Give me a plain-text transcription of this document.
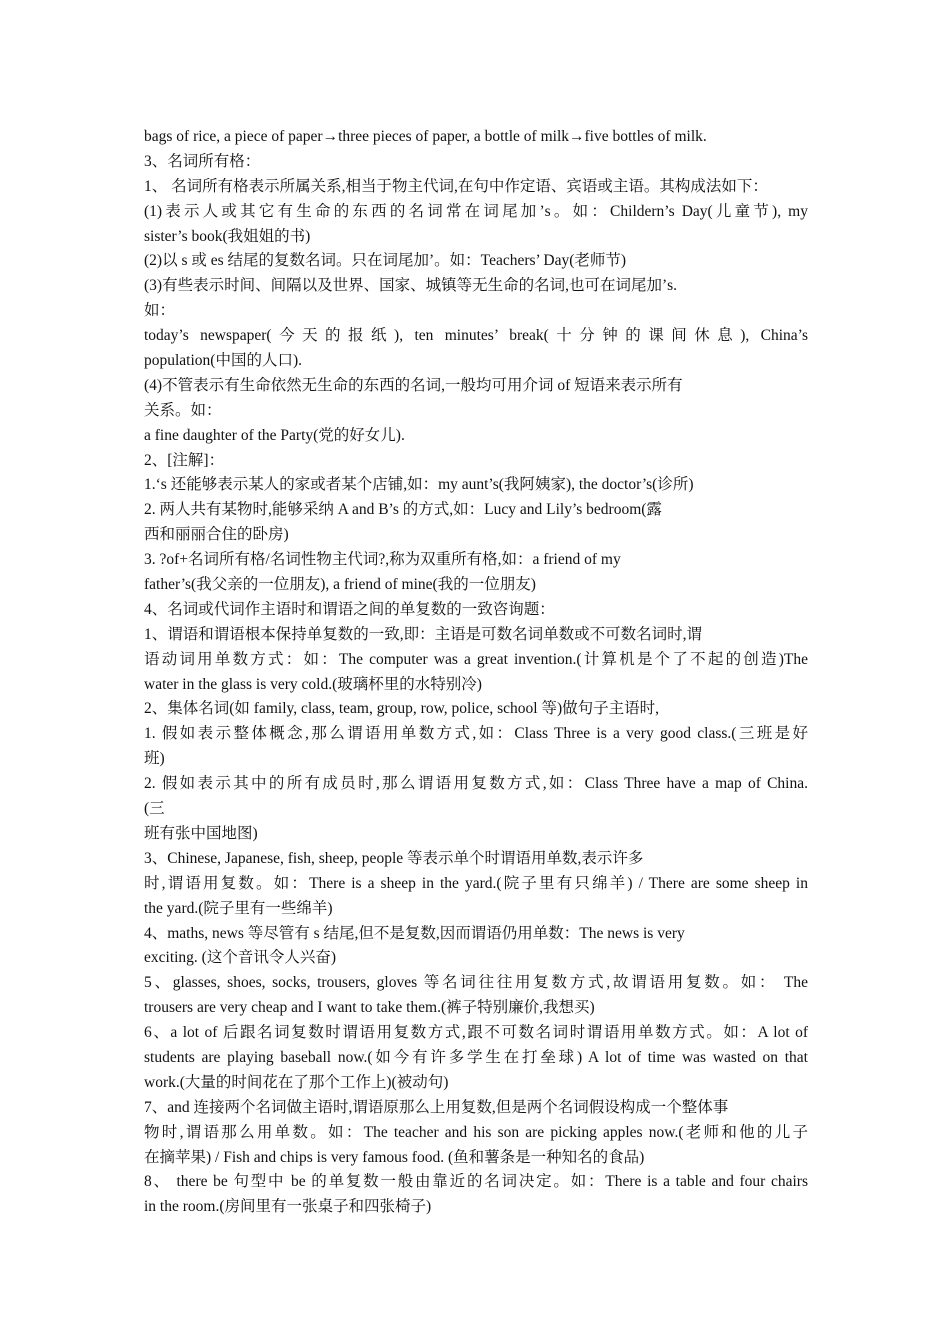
bags of rice, a piece of paper→three pieces of paper, a bottle of milk→five bottles of milk.
3、名词所有格：
1、 名词所有格表示所属关系,相当于物主代词,在句中作定语、宾语或主语。其构成法如下：
(1)表示人或其它有生命的东西的名词常在词尾加’s。如：Childern’s Day(儿童节), my
sister’s book(我姐姐的书)
(2)以 s 或 es 结尾的复数名词。只在词尾加’。如：Teachers’ Day(老师节)
(3)有些表示时间、间隔以及世界、国家、城镇等无生命的名词,也可在词尾加’s.
如：
today’s newspaper(今天的报纸), ten minutes’ break(十分钟的课间休息), China’s
population(中国的人口).
(4)不管表示有生命依然无生命的东西的名词,一般均可用介词 of 短语来表示所有
关系。如：
a fine daughter of the Party(党的好女儿).
2、[注解]：
1.‘s 还能够表示某人的家或者某个店铺,如：my aunt’s(我阿姨家), the doctor’s(诊所)
2. 两人共有某物时,能够采纳 A and B’s 的方式,如：Lucy and Lily’s bedroom(露
西和丽丽合住的卧房)
3. ?of+名词所有格/名词性物主代词?,称为双重所有格,如：a friend of my
father’s(我父亲的一位朋友), a friend of mine(我的一位朋友)
4、名词或代词作主语时和谓语之间的单复数的一致咨询题：
1、谓语和谓语根本保持单复数的一致,即：主语是可数名词单数或不可数名词时,谓
语动词用单数方式：如：The computer was a great invention.(计算机是个了不起的创造)The
water in the glass is very cold.(玻璃杯里的水特别冷)
2、集体名词(如 family, class, team, group, row, police, school 等)做句子主语时,
1. 假如表示整体概念,那么谓语用单数方式,如：Class Three is a very good class.(三班是好
班)
2. 假如表示其中的所有成员时,那么谓语用复数方式,如：Class Three have a map of China.
(三
班有张中国地图)
3、Chinese, Japanese, fish, sheep, people 等表示单个时谓语用单数,表示许多
时,谓语用复数。如：There is a sheep in the yard.(院子里有只绵羊) / There are some sheep in
the yard.(院子里有一些绵羊)
4、maths, news 等尽管有 s 结尾,但不是复数,因而谓语仍用单数：The news is very
exciting. (这个音讯令人兴奋)
5、glasses, shoes, socks, trousers, gloves 等名词往往用复数方式,故谓语用复数。如： The
trousers are very cheap and I want to take them.(裤子特别廉价,我想买)
6、a lot of 后跟名词复数时谓语用复数方式,跟不可数名词时谓语用单数方式。如：A lot of
students are playing baseball now.(如今有许多学生在打垒球) A lot of time was wasted on that
work.(大量的时间花在了那个工作上)(被动句)
7、and 连接两个名词做主语时,谓语原那么上用复数,但是两个名词假设构成一个整体事
物时,谓语那么用单数。如：The teacher and his son are picking apples now.(老师和他的儿子
在摘苹果) / Fish and chips is very famous food. (鱼和薯条是一种知名的食品)
8、 there be 句型中 be 的单复数一般由靠近的名词决定。如：There is a table and four chairs
in the room.(房间里有一张桌子和四张椅子)
